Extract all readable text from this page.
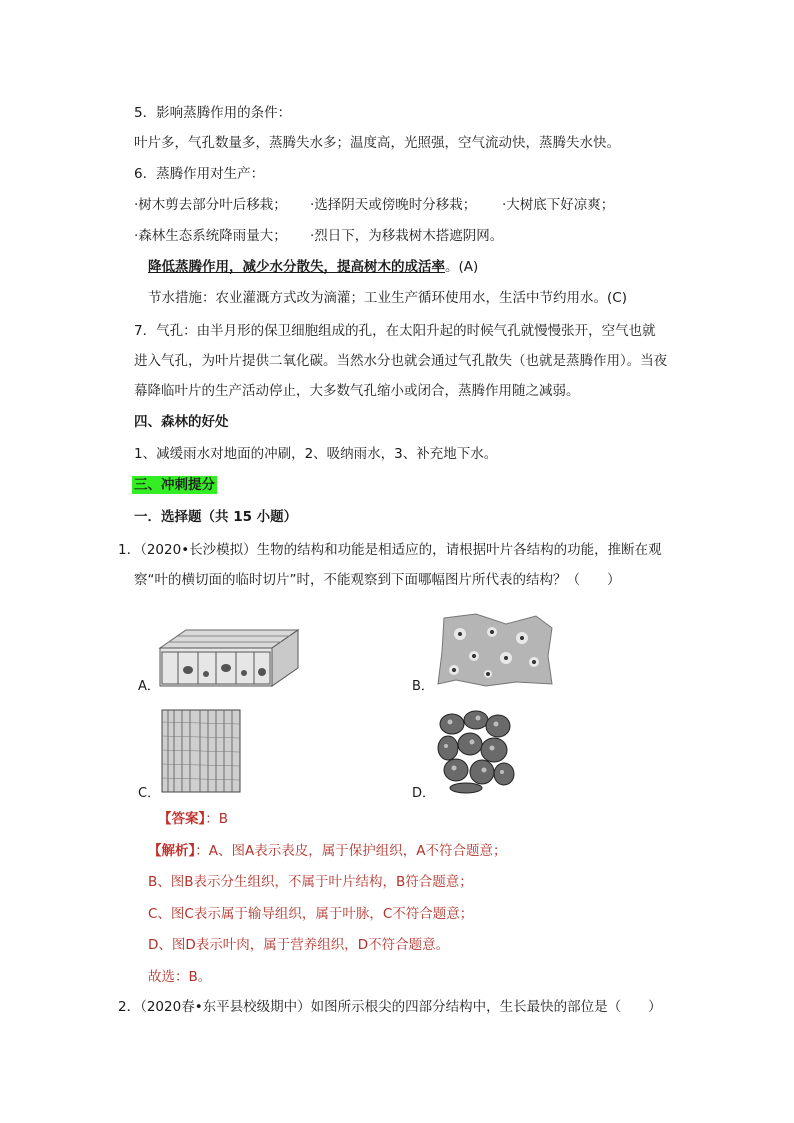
5．影响蒸腾作用的条件：
叶片多，气孔数量多，蒸腾失水多；温度高，光照强，空气流动快，蒸腾失水快。
6．蒸腾作用对生产：
·树木剪去部分叶后移栽； ·选择阴天或傍晚时分移栽； ·大树底下好凉爽；
·森林生态系统降雨量大； ·烈日下，为移栽树木搭遮阴网。
降低蒸腾作用，减少水分散失，提高树木的成活率。(A)
节水措施：农业灌溉方式改为滴灌；工业生产循环使用水，生活中节约用水。(C)
7．气孔：由半月形的保卫细胞组成的孔，在太阳升起的时候气孔就慢慢张开，空气也就
进入气孔，为叶片提供二氧化碳。当然水分也就会通过气孔散失（也就是蒸腾作用）。当夜
幕降临叶片的生产活动停止，大多数气孔缩小或闭合，蒸腾作用随之减弱。
四、森林的好处
1、减缓雨水对地面的冲刷，2、吸纳雨水，3、补充地下水。
三、冲刺提分
一．选择题（共 15 小题）
1．（2020•长沙模拟）生物的结构和功能是相适应的，请根据叶片各结构的功能，推断在观
察“叶的横切面的临时切片”时，不能观察到下面哪幅图片所代表的结构？（　　）
A．	B．
C．	D．
【答案】：B
【解析】：A、图A表示表皮，属于保护组织，A不符合题意；
B、图B表示分生组织，不属于叶片结构，B符合题意；
C、图C表示属于输导组织，属于叶脉，C不符合题意；
D、图D表示叶肉，属于营养组织，D不符合题意。
故选：B。
2．（2020春•东平县校级期中）如图所示根尖的四部分结构中，生长最快的部位是（　　）
